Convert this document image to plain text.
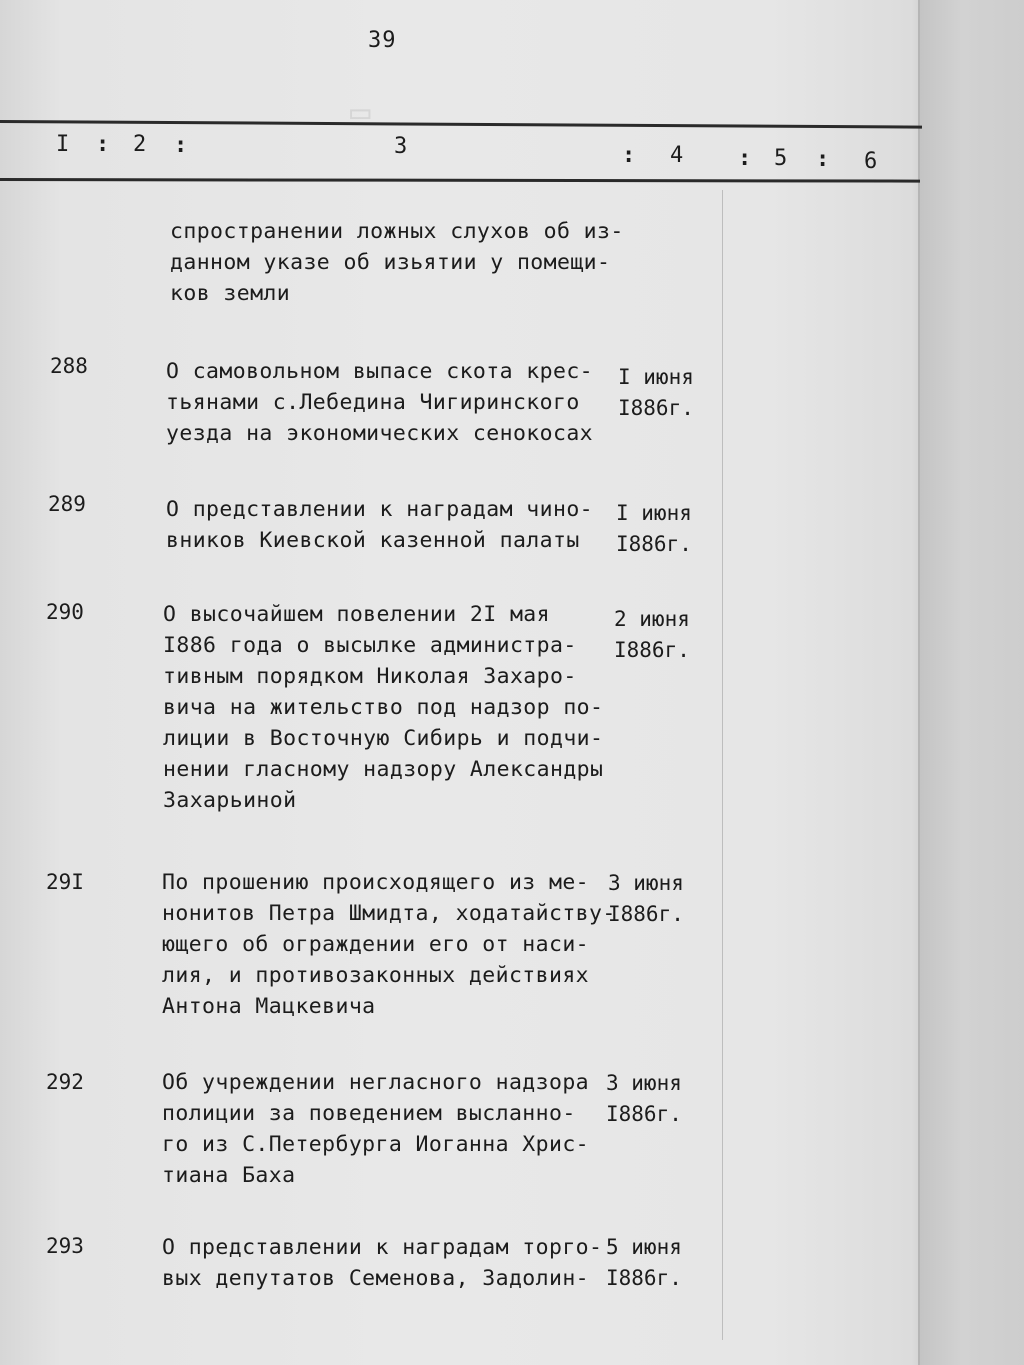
▭
39
I : 2 :	3	: 4 : 5 : 6
спространении ложных слухов об из-
данном указе об изьятии у помещи-
ков земли
288	О самовольном выпасе скота крес-
тьянами с.Лебедина Чигиринского
уезда на экономических сенокосах
I июня
I886г.
289	О представлении к наградам чино-
вников Киевской казенной палаты
I июня
I886г.
290	О высочайшем повелении 2I мая
I886 года о высылке администра-
тивным порядком Николая Захаро-
вича на жительство под надзор по-
лиции в Восточную Сибирь и подчи-
нении гласному надзору Александры
Захарьиной
2 июня
I886г.
29I	По прошению происходящего из ме-
нонитов Петра Шмидта, ходатайству-
ющего об ограждении его от наси-
лия, и противозаконных действиях
Антона Мацкевича
3 июня
I886г.
292	Об учреждении негласного надзора
полиции за поведением высланно-
го из С.Петербурга Иоганна Хрис-
тиана Баха
3 июня
I886г.
293	О представлении к наградам торго-
вых депутатов Семенова, Задолин-
5 июня
I886г.
